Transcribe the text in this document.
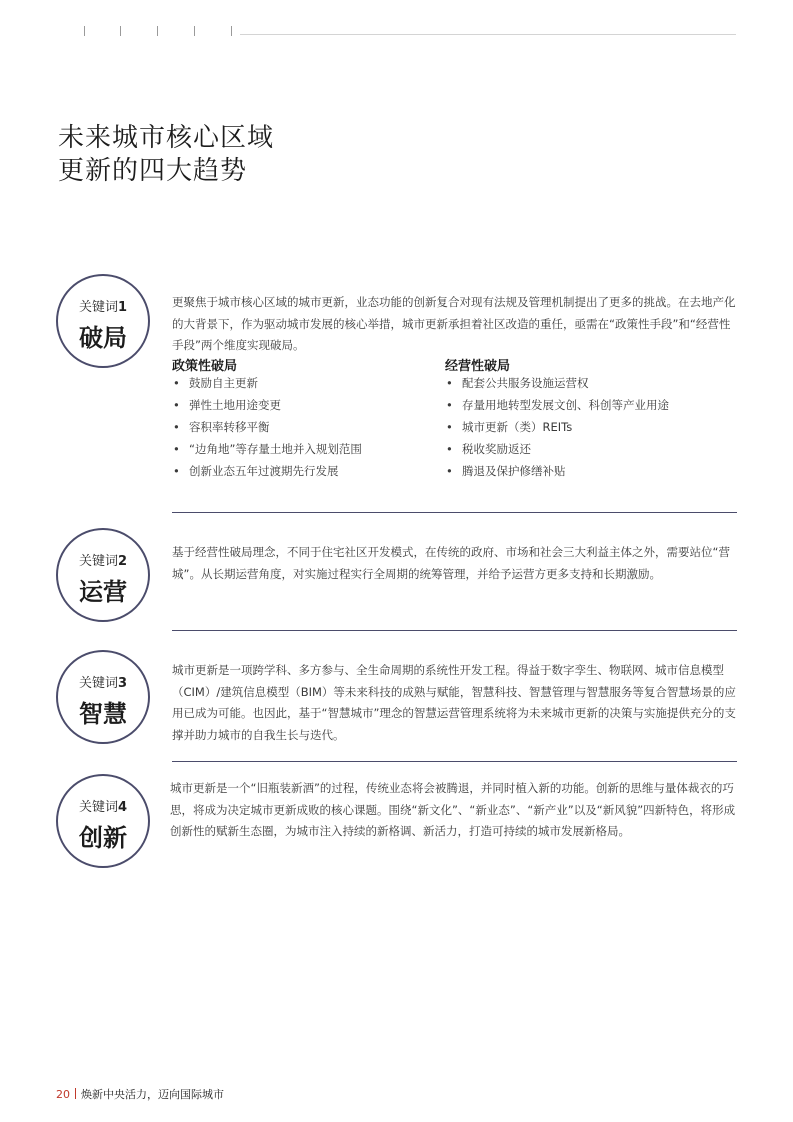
未来城市核心区域
更新的四大趋势
关键词1
破局

更聚焦于城市核心区域的城市更新，业态功能的创新复合对现有法规及管理机制提出了更多的挑战。在去地产化的大背景下，作为驱动城市发展的核心举措，城市更新承担着社区改造的重任，亟需在“政策性手段”和“经营性手段”两个维度实现破局。

政策性破局
• 鼓励自主更新
• 弹性土地用途变更
• 容积率转移平衡
• “边角地”等存量土地并入规划范围
• 创新业态五年过渡期先行发展
经营性破局
• 配套公共服务设施运营权
• 存量用地转型发展文创、科创等产业用途
• 城市更新（类）REITs
• 税收奖励返还
• 腾退及保护修缮补贴
关键词2
运营

基于经营性破局理念，不同于住宅社区开发模式，在传统的政府、市场和社会三大利益主体之外，需要站位“营城”。从长期运营角度，对实施过程实行全周期的统筹管理，并给予运营方更多支持和长期激励。

关键词3
智慧

城市更新是一项跨学科、多方参与、全生命周期的系统性开发工程。得益于数字孪生、物联网、城市信息模型（CIM）/建筑信息模型（BIM）等未来科技的成熟与赋能，智慧科技、智慧管理与智慧服务等复合智慧场景的应用已成为可能。也因此，基于“智慧城市”理念的智慧运营管理系统将为未来城市更新的决策与实施提供充分的支撑并助力城市的自我生长与迭代。

关键词4
创新

城市更新是一个“旧瓶装新酒”的过程，传统业态将会被腾退，并同时植入新的功能。创新的思维与量体裁衣的巧思，将成为决定城市更新成败的核心课题。围绕“新文化”、“新业态”、“新产业”以及“新风貌”四新特色，将形成创新性的赋新生态圈，为城市注入持续的新格调、新活力，打造可持续的城市发展新格局。

20 焕新中央活力，迈向国际城市
